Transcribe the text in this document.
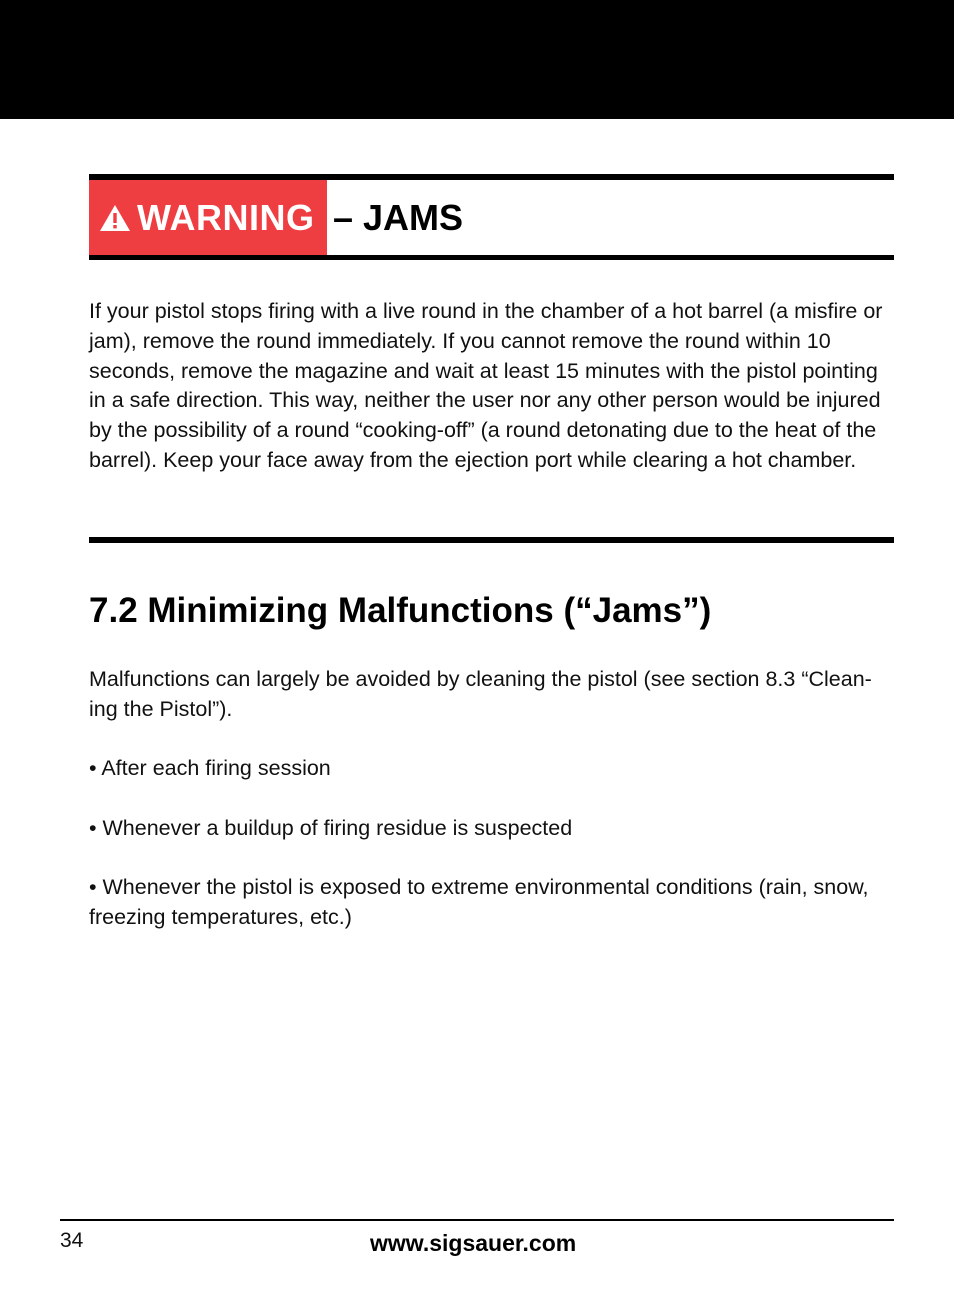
WARNING – JAMS

If your pistol stops firing with a live round in the chamber of a hot barrel (a misfire or jam), remove the round immediately. If you cannot remove the round within 10 seconds, remove the magazine and wait at least 15 minutes with the pistol pointing in a safe direction. This way, neither the user nor any other person would be injured by the possibility of a round “cooking-off” (a round detonating due to the heat of the barrel). Keep your face away from the ejection port while clearing a hot chamber.

7.2 Minimizing Malfunctions (“Jams”)

Malfunctions can largely be avoided by cleaning the pistol (see section 8.3 “Clean-ing the Pistol”).

• After each firing session

• Whenever a buildup of firing residue is suspected

• Whenever the pistol is exposed to extreme environmental conditions (rain, snow, freezing temperatures, etc.)

34	www.sigsauer.com
